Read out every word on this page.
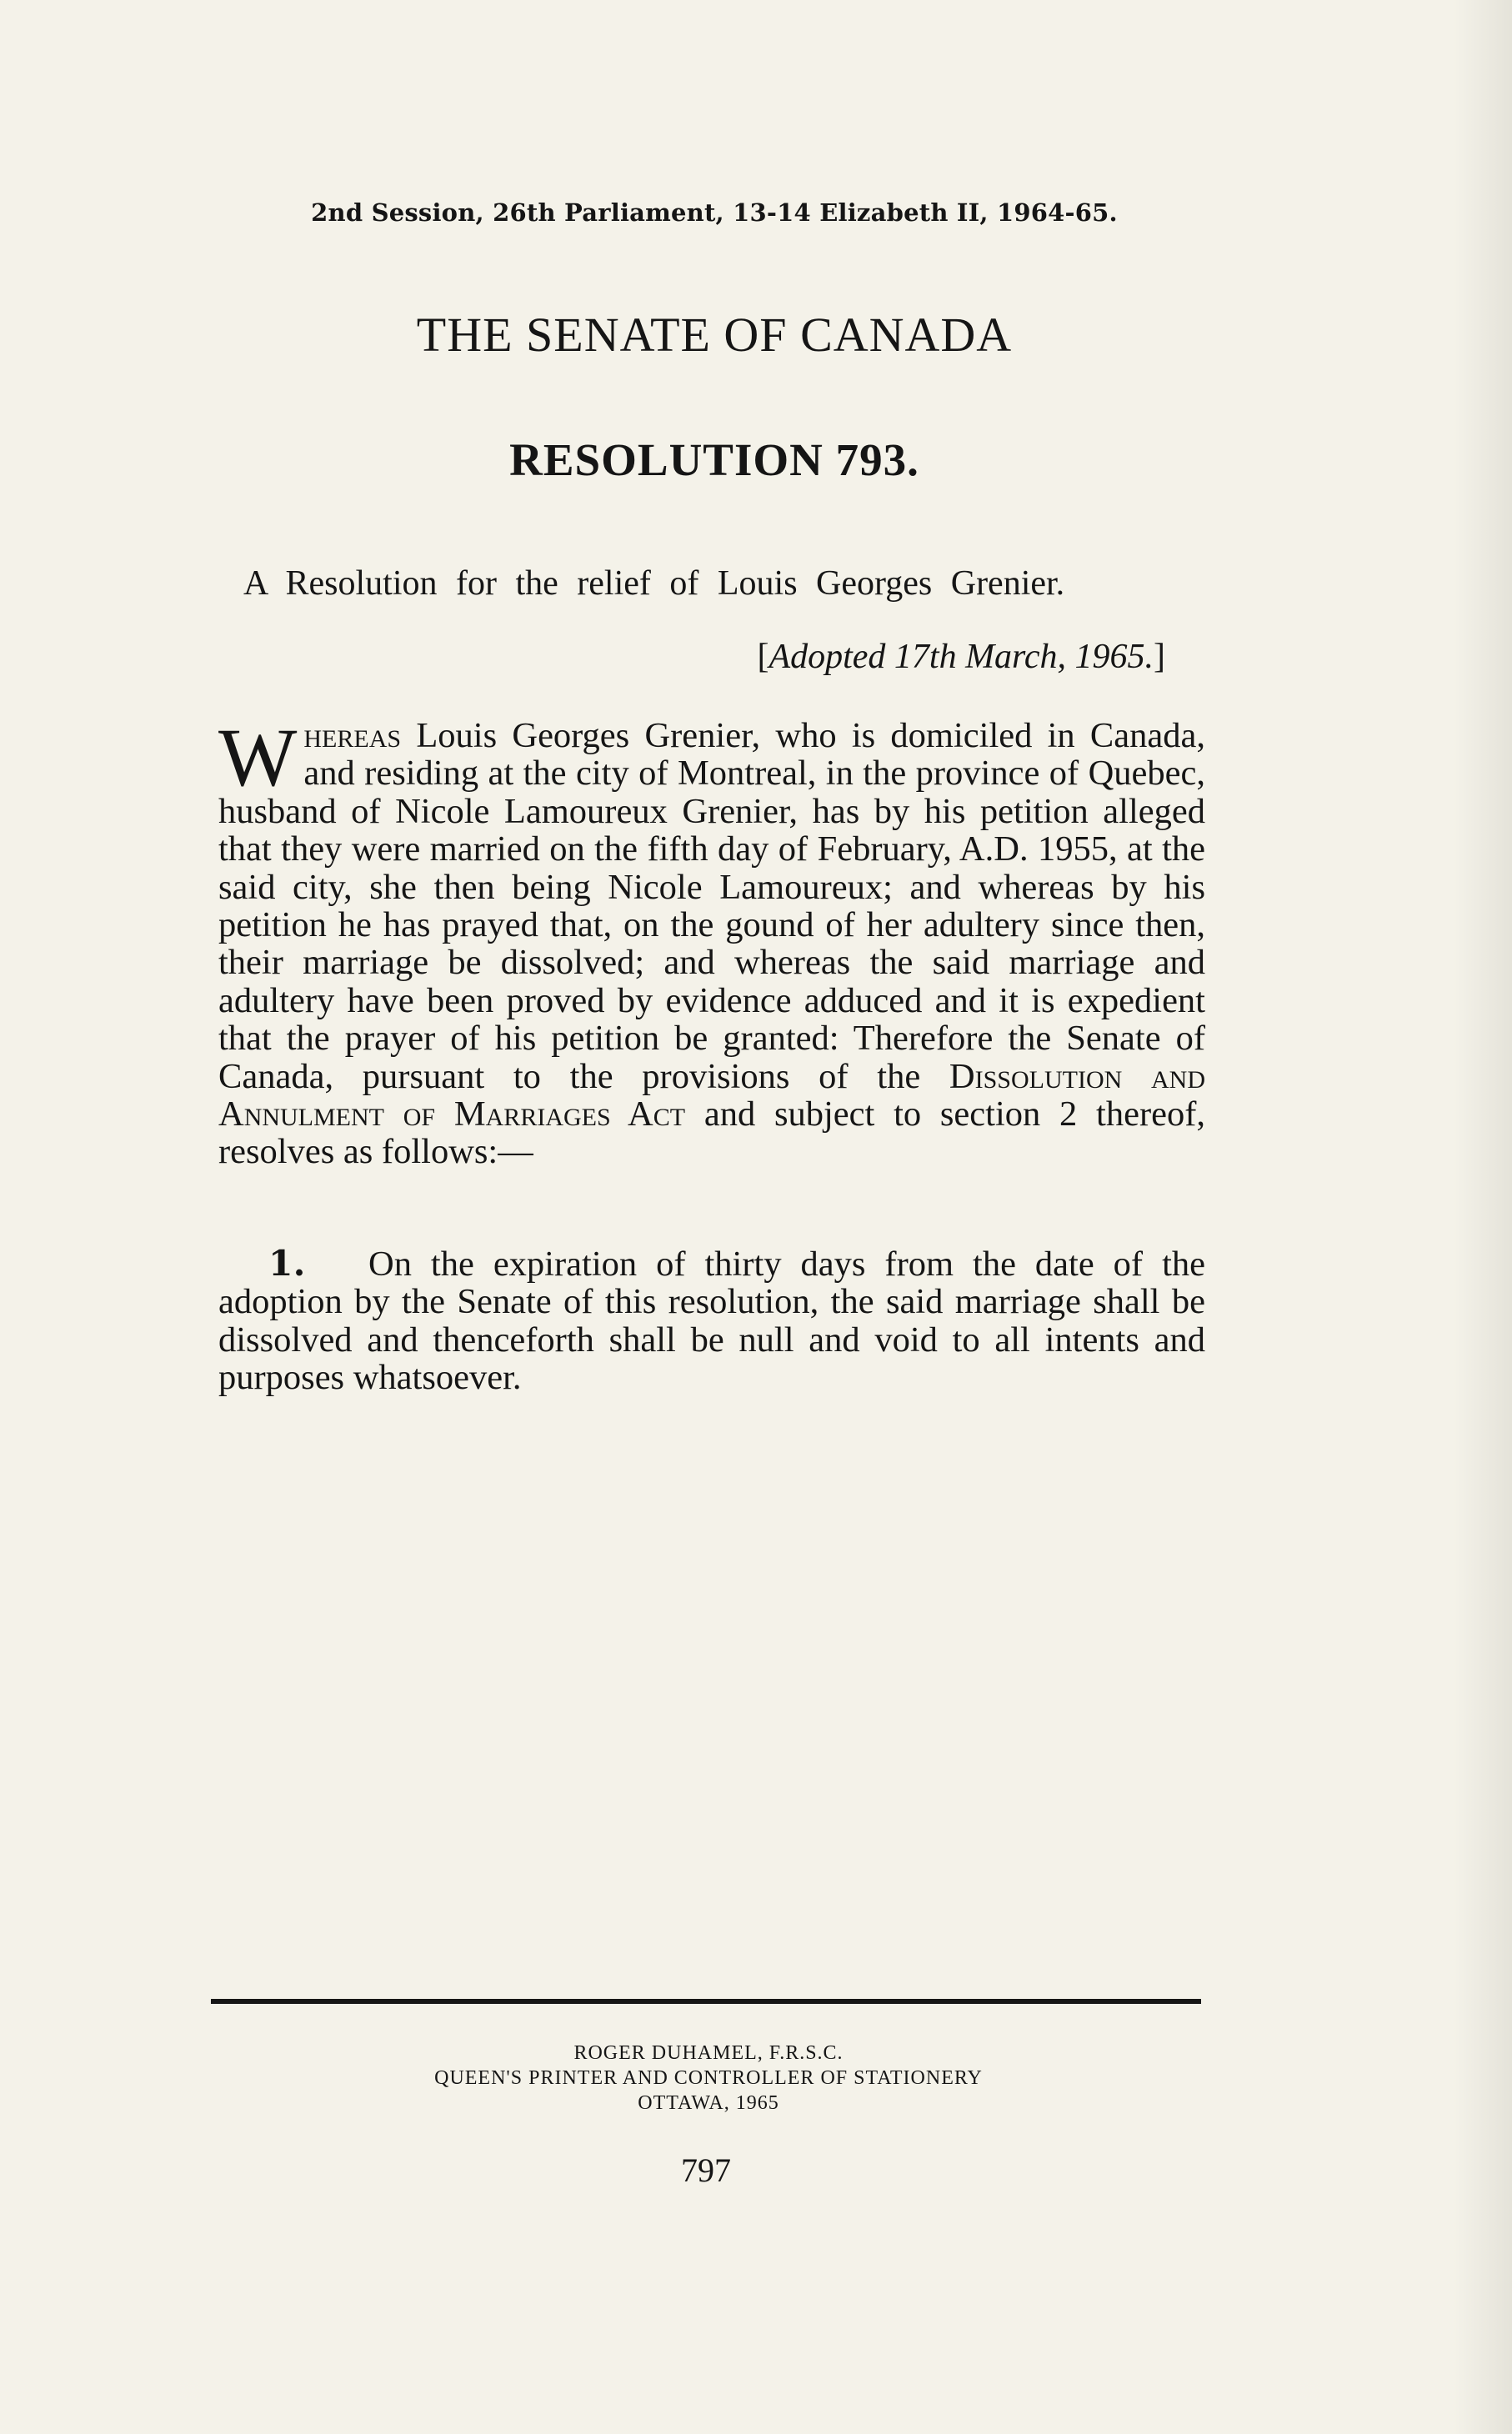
2nd Session, 26th Parliament, 13-14 Elizabeth II, 1964-65.
THE SENATE OF CANADA
RESOLUTION 793.
A Resolution for the relief of Louis Georges Grenier.
[Adopted 17th March, 1965.]
Whereas Louis Georges Grenier, who is domiciled in Canada, and residing at the city of Montreal, in the province of Quebec, husband of Nicole Lamoureux Grenier, has by his petition alleged that they were married on the fifth day of February, A.D. 1955, at the said city, she then being Nicole Lamoureux; and whereas by his petition he has prayed that, on the gound of her adultery since then, their marriage be dissolved; and whereas the said marriage and adultery have been proved by evidence adduced and it is expedient that the prayer of his petition be granted: Therefore the Senate of Canada, pursuant to the provisions of the Dissolution and Annulment of Marriages Act and subject to section 2 thereof, resolves as follows:—
1. On the expiration of thirty days from the date of the adoption by the Senate of this resolution, the said marriage shall be dissolved and thenceforth shall be null and void to all intents and purposes whatsoever.
ROGER DUHAMEL, F.R.S.C.
QUEEN'S PRINTER AND CONTROLLER OF STATIONERY
OTTAWA, 1965
797
